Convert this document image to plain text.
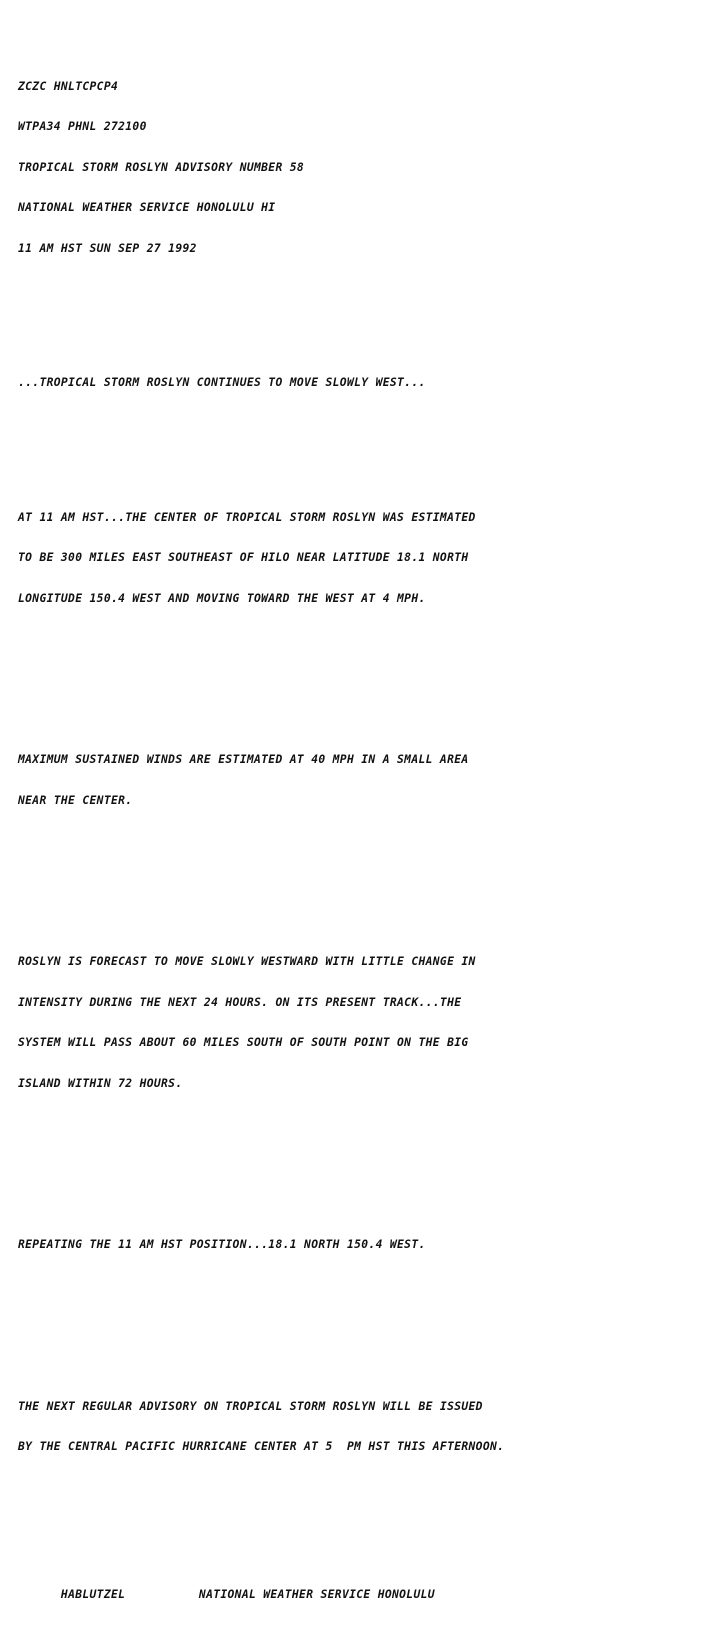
ZCZC HNLTCPCP4

WTPA34 PHNL 272100

TROPICAL STORM ROSLYN ADVISORY NUMBER 58

NATIONAL WEATHER SERVICE HONOLULU HI

11 AM HST SUN SEP 27 1992

...TROPICAL STORM ROSLYN CONTINUES TO MOVE SLOWLY WEST...

AT 11 AM HST...THE CENTER OF TROPICAL STORM ROSLYN WAS ESTIMATED

TO BE 300 MILES EAST SOUTHEAST OF HILO NEAR LATITUDE 18.1 NORTH

LONGITUDE 150.4 WEST AND MOVING TOWARD THE WEST AT 4 MPH.

MAXIMUM SUSTAINED WINDS ARE ESTIMATED AT 40 MPH IN A SMALL AREA

NEAR THE CENTER.

ROSLYN IS FORECAST TO MOVE SLOWLY WESTWARD WITH LITTLE CHANGE IN

INTENSITY DURING THE NEXT 24 HOURS. ON ITS PRESENT TRACK...THE

SYSTEM WILL PASS ABOUT 60 MILES SOUTH OF SOUTH POINT ON THE BIG

ISLAND WITHIN 72 HOURS.

REPEATING THE 11 AM HST POSITION...18.1 NORTH 150.4 WEST.

THE NEXT REGULAR ADVISORY ON TROPICAL STORM ROSLYN WILL BE ISSUED

BY THE CENTRAL PACIFIC HURRICANE CENTER AT 5  PM HST THIS AFTERNOON.

HABLUTZEL	NATIONAL WEATHER SERVICE HONOLULU
